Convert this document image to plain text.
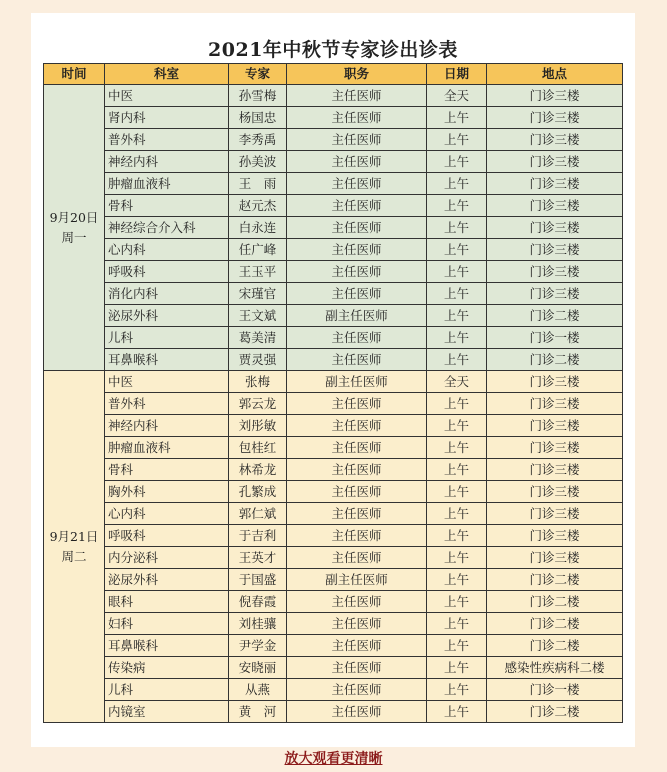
2021年中秋节专家诊出诊表
时间	科室	专家	职务	日期	地点

9月20日
周一	中医	孙雪梅	主任医师	全天	门诊三楼
	肾内科	杨国忠	主任医师	上午	门诊三楼
	普外科	李秀禹	主任医师	上午	门诊三楼
	神经内科	孙美波	主任医师	上午	门诊三楼
	肿瘤血液科	王　雨	主任医师	上午	门诊三楼
	骨科	赵元杰	主任医师	上午	门诊三楼
	神经综合介入科	白永连	主任医师	上午	门诊三楼
	心内科	任广峰	主任医师	上午	门诊三楼
	呼吸科	王玉平	主任医师	上午	门诊三楼
	消化内科	宋瑾官	主任医师	上午	门诊三楼
	泌尿外科	王文斌	副主任医师	上午	门诊二楼
	儿科	葛美清	主任医师	上午	门诊一楼
	耳鼻喉科	贾灵强	主任医师	上午	门诊二楼

9月21日
周二	中医	张梅	副主任医师	全天	门诊三楼
	普外科	郭云龙	主任医师	上午	门诊三楼
	神经内科	刘彤敏	主任医师	上午	门诊三楼
	肿瘤血液科	包桂红	主任医师	上午	门诊三楼
	骨科	林希龙	主任医师	上午	门诊三楼
	胸外科	孔繁成	主任医师	上午	门诊三楼
	心内科	郭仁斌	主任医师	上午	门诊三楼
	呼吸科	于吉利	主任医师	上午	门诊三楼
	内分泌科	王英才	主任医师	上午	门诊三楼
	泌尿外科	于国盛	副主任医师	上午	门诊二楼
	眼科	倪春霞	主任医师	上午	门诊二楼
	妇科	刘桂骧	主任医师	上午	门诊二楼
	耳鼻喉科	尹学金	主任医师	上午	门诊二楼
	传染病	安晓丽	主任医师	上午	感染性疾病科二楼
	儿科	从燕	主任医师	上午	门诊一楼
	内镜室	黄　河	主任医师	上午	门诊二楼
放大观看更清晰
